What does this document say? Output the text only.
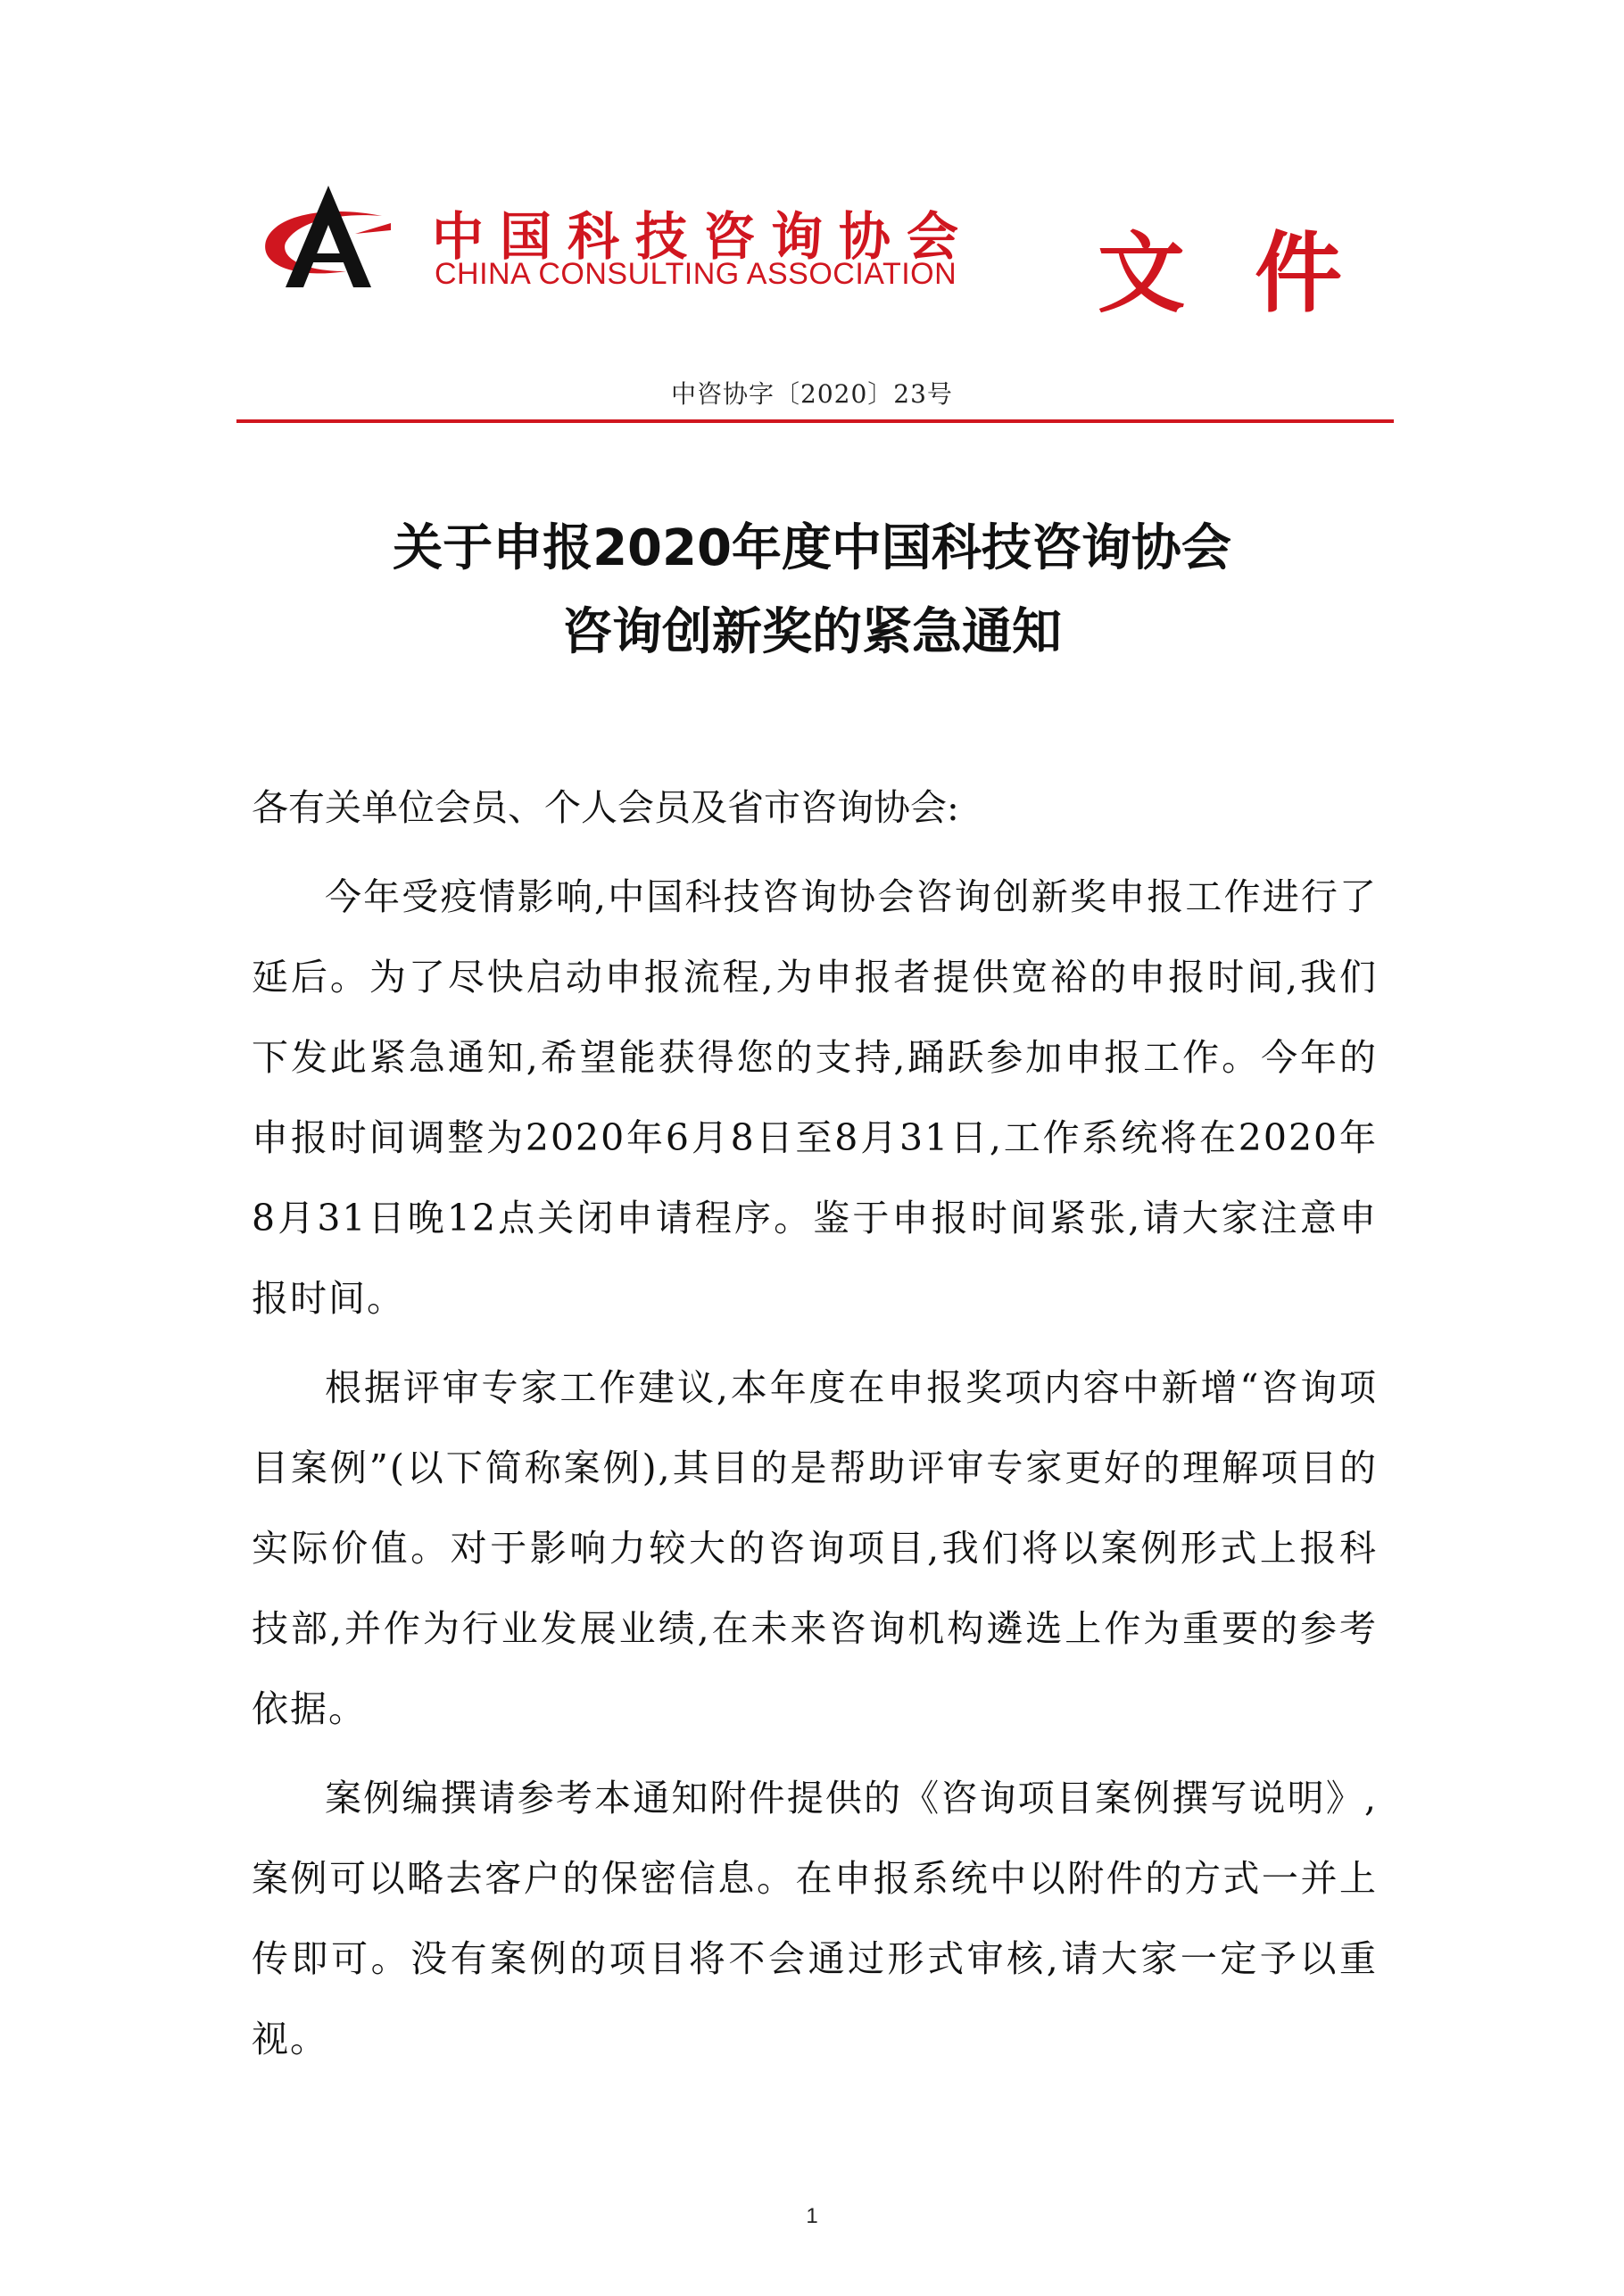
中国科技咨询协会
CHINA CONSULTING ASSOCIATION 文件
中咨协字〔2020〕23号
关于申报2020年度中国科技咨询协会
咨询创新奖的紧急通知

各有关单位会员、个人会员及省市咨询协会:

今年受疫情影响,中国科技咨询协会咨询创新奖申报工作进行了延后。为了尽快启动申报流程,为申报者提供宽裕的申报时间,我们下发此紧急通知,希望能获得您的支持,踊跃参加申报工作。今年的申报时间调整为2020年6月8日至8月31日,工作系统将在2020年8月31日晚12点关闭申请程序。鉴于申报时间紧张,请大家注意申报时间。

根据评审专家工作建议,本年度在申报奖项内容中新增“咨询项目案例”(以下简称案例),其目的是帮助评审专家更好的理解项目的实际价值。对于影响力较大的咨询项目,我们将以案例形式上报科技部,并作为行业发展业绩,在未来咨询机构遴选上作为重要的参考依据。

案例编撰请参考本通知附件提供的《咨询项目案例撰写说明》,案例可以略去客户的保密信息。在申报系统中以附件的方式一并上传即可。没有案例的项目将不会通过形式审核,请大家一定予以重视。

1
